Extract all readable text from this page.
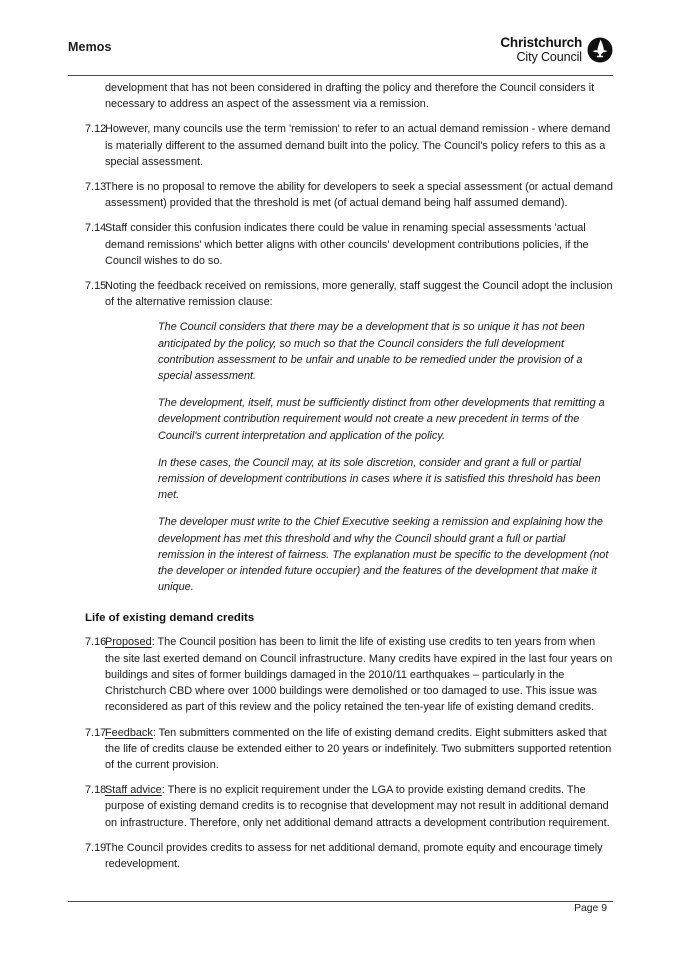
Memos	Christchurch
City Council
development that has not been considered in drafting the policy and therefore the Council considers it necessary to address an aspect of the assessment via a remission.
7.12
However, many councils use the term 'remission' to refer to an actual demand remission - where demand is materially different to the assumed demand built into the policy. The Council's policy refers to this as a special assessment.
7.13
There is no proposal to remove the ability for developers to seek a special assessment (or actual demand assessment) provided that the threshold is met (of actual demand being half assumed demand).
7.14
Staff consider this confusion indicates there could be value in renaming special assessments 'actual demand remissions' which better aligns with other councils' development contributions policies, if the Council wishes to do so.
7.15
Noting the feedback received on remissions, more generally, staff suggest the Council adopt the inclusion of the alternative remission clause:
The Council considers that there may be a development that is so unique it has not been anticipated by the policy, so much so that the Council considers the full development contribution assessment to be unfair and unable to be remedied under the provision of a special assessment.
The development, itself, must be sufficiently distinct from other developments that remitting a development contribution requirement would not create a new precedent in terms of the Council's current interpretation and application of the policy.
In these cases, the Council may, at its sole discretion, consider and grant a full or partial remission of development contributions in cases where it is satisfied this threshold has been met.
The developer must write to the Chief Executive seeking a remission and explaining how the development has met this threshold and why the Council should grant a full or partial remission in the interest of fairness. The explanation must be specific to the development (not the developer or intended future occupier) and the features of the development that make it unique.
Life of existing demand credits
7.16
Proposed: The Council position has been to limit the life of existing use credits to ten years from when the site last exerted demand on Council infrastructure. Many credits have expired in the last four years on buildings and sites of former buildings damaged in the 2010/11 earthquakes – particularly in the Christchurch CBD where over 1000 buildings were demolished or too damaged to use. This issue was reconsidered as part of this review and the policy retained the ten-year life of existing demand credits.
7.17
Feedback: Ten submitters commented on the life of existing demand credits. Eight submitters asked that the life of credits clause be extended either to 20 years or indefinitely. Two submitters supported retention of the current provision.
7.18
Staff advice: There is no explicit requirement under the LGA to provide existing demand credits. The purpose of existing demand credits is to recognise that development may not result in additional demand on infrastructure. Therefore, only net additional demand attracts a development contribution requirement.
7.19
The Council provides credits to assess for net additional demand, promote equity and encourage timely redevelopment.
Page 9
